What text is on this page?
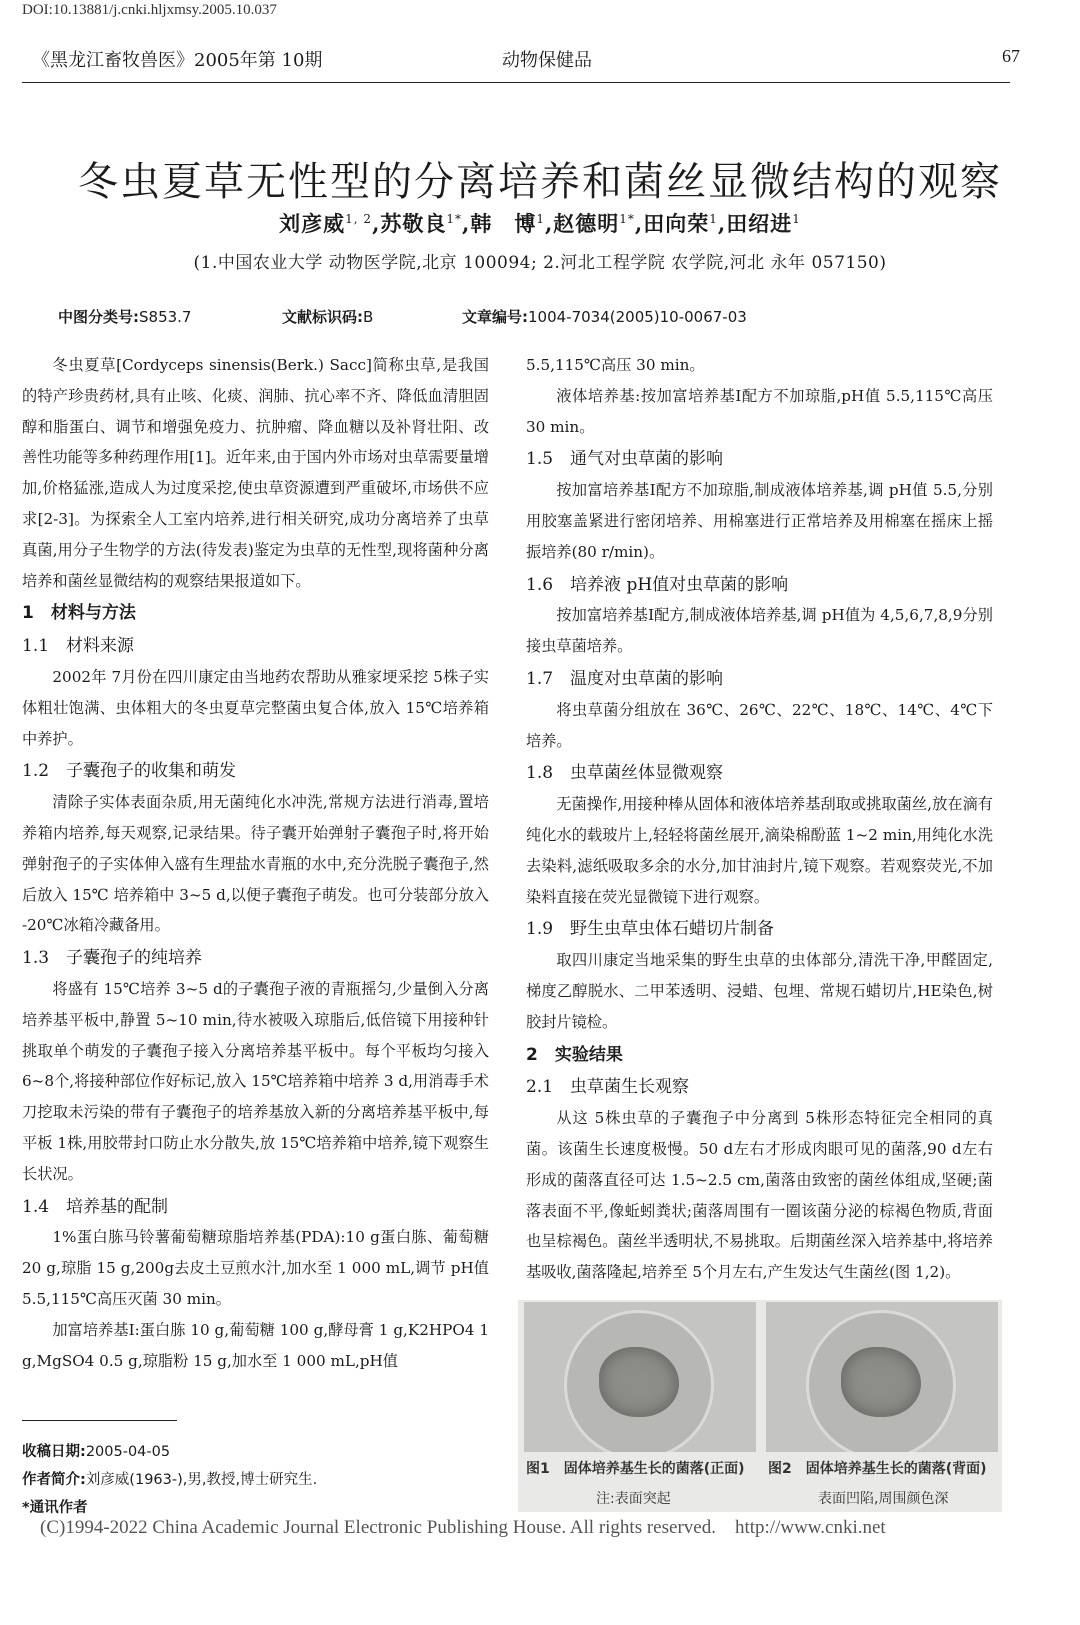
DOI:10.13881/j.cnki.hljxmsy.2005.10.037
《黑龙江畜牧兽医》2005年第 10期	动物保健品	67
冬虫夏草无性型的分离培养和菌丝显微结构的观察
刘彦威$^{1, 2}$,苏敬良$^{1*}$,韩　博$^1$,赵德明$^{1*}$,田向荣$^1$,田绍进$^1$
(1.中国农业大学 动物医学院,北京 100094; 2.河北工程学院 农学院,河北 永年 057150)
中图分类号:S853.7	文献标识码:B	文章编号:1004-7034(2005)10-0067-03

冬虫夏草[Cordyceps sinensis(Berk.) Sacc]简称虫草,是我国的特产珍贵药材,具有止咳、化痰、润肺、抗心率不齐、降低血清胆固醇和脂蛋白、调节和增强免疫力、抗肿瘤、降血糖以及补肾壮阳、改善性功能等多种药理作用[1]。近年来,由于国内外市场对虫草需要量增加,价格猛涨,造成人为过度采挖,使虫草资源遭到严重破坏,市场供不应求[2-3]。为探索全人工室内培养,进行相关研究,成功分离培养了虫草真菌,用分子生物学的方法(待发表)鉴定为虫草的无性型,现将菌种分离培养和菌丝显微结构的观察结果报道如下。

1　材料与方法
1.1　材料来源

2002年 7月份在四川康定由当地药农帮助从雅家埂采挖 5株子实体粗壮饱满、虫体粗大的冬虫夏草完整菌虫复合体,放入 15℃培养箱中养护。

1.2　子囊孢子的收集和萌发

清除子实体表面杂质,用无菌纯化水冲洗,常规方法进行消毒,置培养箱内培养,每天观察,记录结果。待子囊开始弹射子囊孢子时,将开始弹射孢子的子实体伸入盛有生理盐水青瓶的水中,充分洗脱子囊孢子,然后放入 15℃ 培养箱中 3~5 d,以便子囊孢子萌发。也可分装部分放入 -20℃冰箱冷藏备用。

1.3　子囊孢子的纯培养

将盛有 15℃培养 3~5 d的子囊孢子液的青瓶摇匀,少量倒入分离培养基平板中,静置 5~10 min,待水被吸入琼脂后,低倍镜下用接种针挑取单个萌发的子囊孢子接入分离培养基平板中。每个平板均匀接入 6~8个,将接种部位作好标记,放入 15℃培养箱中培养 3 d,用消毒手术刀挖取未污染的带有子囊孢子的培养基放入新的分离培养基平板中,每平板 1株,用胶带封口防止水分散失,放 15℃培养箱中培养,镜下观察生长状况。

1.4　培养基的配制

1%蛋白胨马铃薯葡萄糖琼脂培养基(PDA):10 g蛋白胨、葡萄糖 20 g,琼脂 15 g,200g去皮土豆煎水汁,加水至 1 000 mL,调节 pH值 5.5,115℃高压灭菌 30 min。

加富培养基Ⅰ:蛋白胨 10 g,葡萄糖 100 g,酵母膏 1 g,K2HPO4 1 g,MgSO4 0.5 g,琼脂粉 15 g,加水至 1 000 mL,pH值

5.5,115℃高压 30 min。

液体培养基:按加富培养基Ⅰ配方不加琼脂,pH值 5.5,115℃高压 30 min。

1.5　通气对虫草菌的影响

按加富培养基Ⅰ配方不加琼脂,制成液体培养基,调 pH值 5.5,分别用胶塞盖紧进行密闭培养、用棉塞进行正常培养及用棉塞在摇床上摇振培养(80 r/min)。

1.6　培养液 pH值对虫草菌的影响

按加富培养基Ⅰ配方,制成液体培养基,调 pH值为 4,5,6,7,8,9分别接虫草菌培养。

1.7　温度对虫草菌的影响

将虫草菌分组放在 36℃、26℃、22℃、18℃、14℃、4℃下培养。

1.8　虫草菌丝体显微观察

无菌操作,用接种棒从固体和液体培养基刮取或挑取菌丝,放在滴有纯化水的载玻片上,轻轻将菌丝展开,滴染棉酚蓝 1~2 min,用纯化水洗去染料,滤纸吸取多余的水分,加甘油封片,镜下观察。若观察荧光,不加染料直接在荧光显微镜下进行观察。

1.9　野生虫草虫体石蜡切片制备

取四川康定当地采集的野生虫草的虫体部分,清洗干净,甲醛固定,梯度乙醇脱水、二甲苯透明、浸蜡、包埋、常规石蜡切片,HE染色,树胶封片镜检。

2　实验结果
2.1　虫草菌生长观察

从这 5株虫草的子囊孢子中分离到 5株形态特征完全相同的真菌。该菌生长速度极慢。50 d左右才形成肉眼可见的菌落,90 d左右形成的菌落直径可达 1.5~2.5 cm,菌落由致密的菌丝体组成,坚硬;菌落表面不平,像蚯蚓粪状;菌落周围有一圈该菌分泌的棕褐色物质,背面也呈棕褐色。菌丝半透明状,不易挑取。后期菌丝深入培养基中,将培养基吸收,菌落隆起,培养至 5个月左右,产生发达气生菌丝(图 1,2)。

图1　固体培养基生长的菌落(正面)
注:表面突起
图2　固体培养基生长的菌落(背面)
表面凹陷,周围颜色深
收稿日期:2005-04-05
作者简介:刘彦威(1963-),男,教授,博士研究生.
*通讯作者
(C)1994-2022 China Academic Journal Electronic Publishing House. All rights reserved.　http://www.cnki.net
